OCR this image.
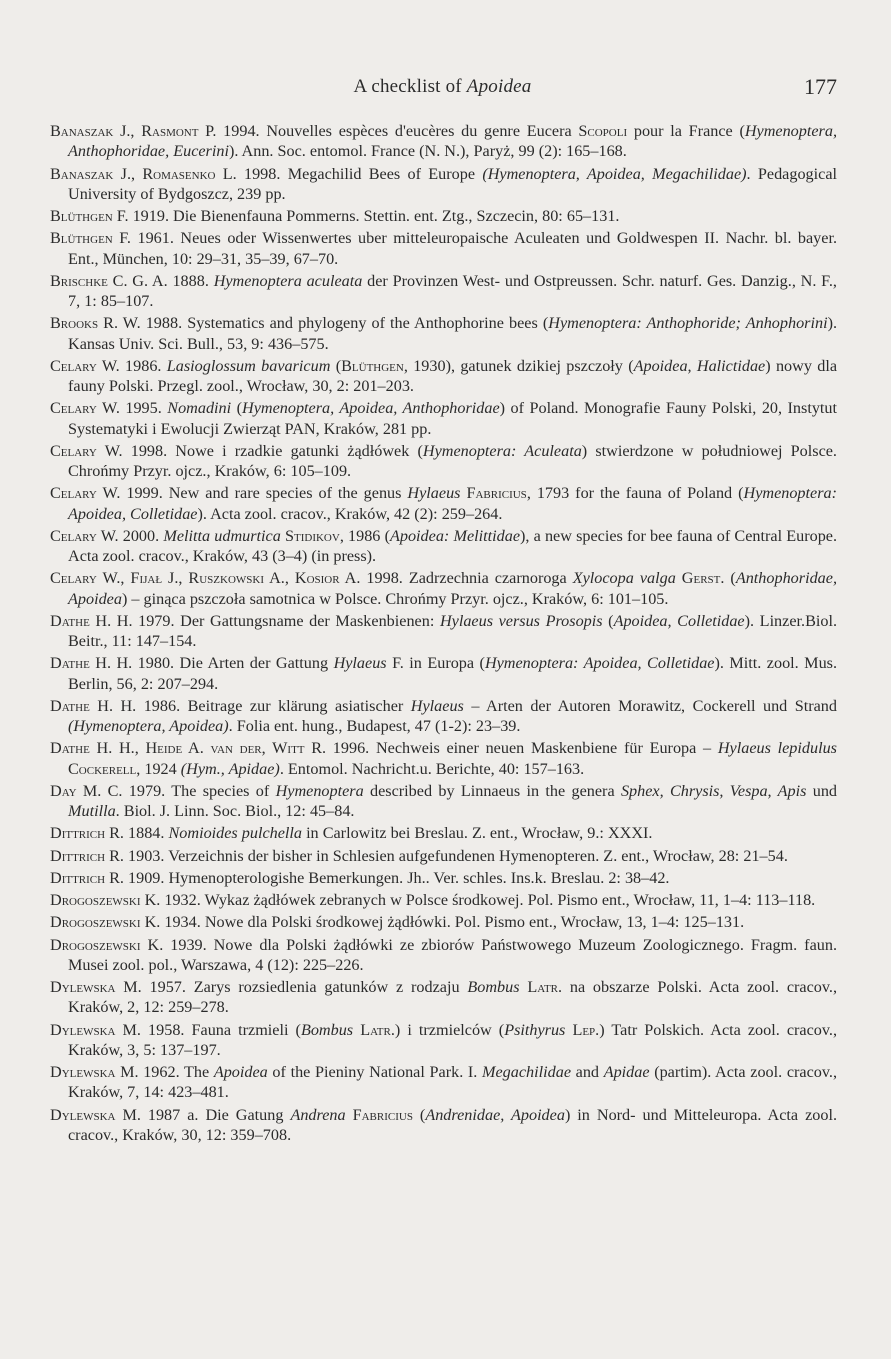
A checklist of Apoidea	177

Banaszak J., Rasmont P. 1994. Nouvelles espèces d'eucères du genre Eucera Scopoli pour la France (Hymenoptera, Anthophoridae, Eucerini). Ann. Soc. entomol. France (N. N.), Paryż, 99 (2): 165–168.

Banaszak J., Romasenko L. 1998. Megachilid Bees of Europe (Hymenoptera, Apoidea, Megachilidae). Pedagogical University of Bydgoszcz, 239 pp.

Blüthgen F. 1919. Die Bienenfauna Pommerns. Stettin. ent. Ztg., Szczecin, 80: 65–131.

Blüthgen F. 1961. Neues oder Wissenwertes uber mitteleuropaische Aculeaten und Goldwespen II. Nachr. bl. bayer. Ent., München, 10: 29–31, 35–39, 67–70.

Brischke C. G. A. 1888. Hymenoptera aculeata der Provinzen West- und Ostpreussen. Schr. naturf. Ges. Danzig., N. F., 7, 1: 85–107.

Brooks R. W. 1988. Systematics and phylogeny of the Anthophorine bees (Hymenoptera: Anthophoride; Anhophorini). Kansas Univ. Sci. Bull., 53, 9: 436–575.

Celary W. 1986. Lasioglossum bavaricum (Blüthgen, 1930), gatunek dzikiej pszczoły (Apoidea, Halictidae) nowy dla fauny Polski. Przegl. zool., Wrocław, 30, 2: 201–203.

Celary W. 1995. Nomadini (Hymenoptera, Apoidea, Anthophoridae) of Poland. Monografie Fauny Polski, 20, Instytut Systematyki i Ewolucji Zwierząt PAN, Kraków, 281 pp.

Celary W. 1998. Nowe i rzadkie gatunki żądłówek (Hymenoptera: Aculeata) stwierdzone w południowej Polsce. Chrońmy Przyr. ojcz., Kraków, 6: 105–109.

Celary W. 1999. New and rare species of the genus Hylaeus Fabricius, 1793 for the fauna of Poland (Hymenoptera: Apoidea, Colletidae). Acta zool. cracov., Kraków, 42 (2): 259–264.

Celary W. 2000. Melitta udmurtica Stidikov, 1986 (Apoidea: Melittidae), a new species for bee fauna of Central Europe. Acta zool. cracov., Kraków, 43 (3–4) (in press).

Celary W., Fijał J., Ruszkowski A., Kosior A. 1998. Zadrzechnia czarnoroga Xylocopa valga Gerst. (Anthophoridae, Apoidea) – ginąca pszczoła samotnica w Polsce. Chrońmy Przyr. ojcz., Kraków, 6: 101–105.

Dathe H. H. 1979. Der Gattungsname der Maskenbienen: Hylaeus versus Prosopis (Apoidea, Colletidae). Linzer.Biol. Beitr., 11: 147–154.

Dathe H. H. 1980. Die Arten der Gattung Hylaeus F. in Europa (Hymenoptera: Apoidea, Colletidae). Mitt. zool. Mus. Berlin, 56, 2: 207–294.

Dathe H. H. 1986. Beitrage zur klärung asiatischer Hylaeus – Arten der Autoren Morawitz, Cockerell und Strand (Hymenoptera, Apoidea). Folia ent. hung., Budapest, 47 (1-2): 23–39.

Dathe H. H., Heide A. van der, Witt R. 1996. Nechweis einer neuen Maskenbiene für Europa – Hylaeus lepidulus Cockerell, 1924 (Hym., Apidae). Entomol. Nachricht.u. Berichte, 40: 157–163.

Day M. C. 1979. The species of Hymenoptera described by Linnaeus in the genera Sphex, Chrysis, Vespa, Apis und Mutilla. Biol. J. Linn. Soc. Biol., 12: 45–84.

Dittrich R. 1884. Nomioides pulchella in Carlowitz bei Breslau. Z. ent., Wrocław, 9.: XXXI.

Dittrich R. 1903. Verzeichnis der bisher in Schlesien aufgefundenen Hymenopteren. Z. ent., Wrocław, 28: 21–54.

Dittrich R. 1909. Hymenopterologishe Bemerkungen. Jh.. Ver. schles. Ins.k. Breslau. 2: 38–42.

Drogoszewski K. 1932. Wykaz żądłówek zebranych w Polsce środkowej. Pol. Pismo ent., Wrocław, 11, 1–4: 113–118.

Drogoszewski K. 1934. Nowe dla Polski środkowej żądłówki. Pol. Pismo ent., Wrocław, 13, 1–4: 125–131.

Drogoszewski K. 1939. Nowe dla Polski żądłówki ze zbiorów Państwowego Muzeum Zoologicznego. Fragm. faun. Musei zool. pol., Warszawa, 4 (12): 225–226.

Dylewska M. 1957. Zarys rozsiedlenia gatunków z rodzaju Bombus Latr. na obszarze Polski. Acta zool. cracov., Kraków, 2, 12: 259–278.

Dylewska M. 1958. Fauna trzmieli (Bombus Latr.) i trzmielców (Psithyrus Lep.) Tatr Polskich. Acta zool. cracov., Kraków, 3, 5: 137–197.

Dylewska M. 1962. The Apoidea of the Pieniny National Park. I. Megachilidae and Apidae (partim). Acta zool. cracov., Kraków, 7, 14: 423–481.

Dylewska M. 1987 a. Die Gatung Andrena Fabricius (Andrenidae, Apoidea) in Nord- und Mitteleuropa. Acta zool. cracov., Kraków, 30, 12: 359–708.
